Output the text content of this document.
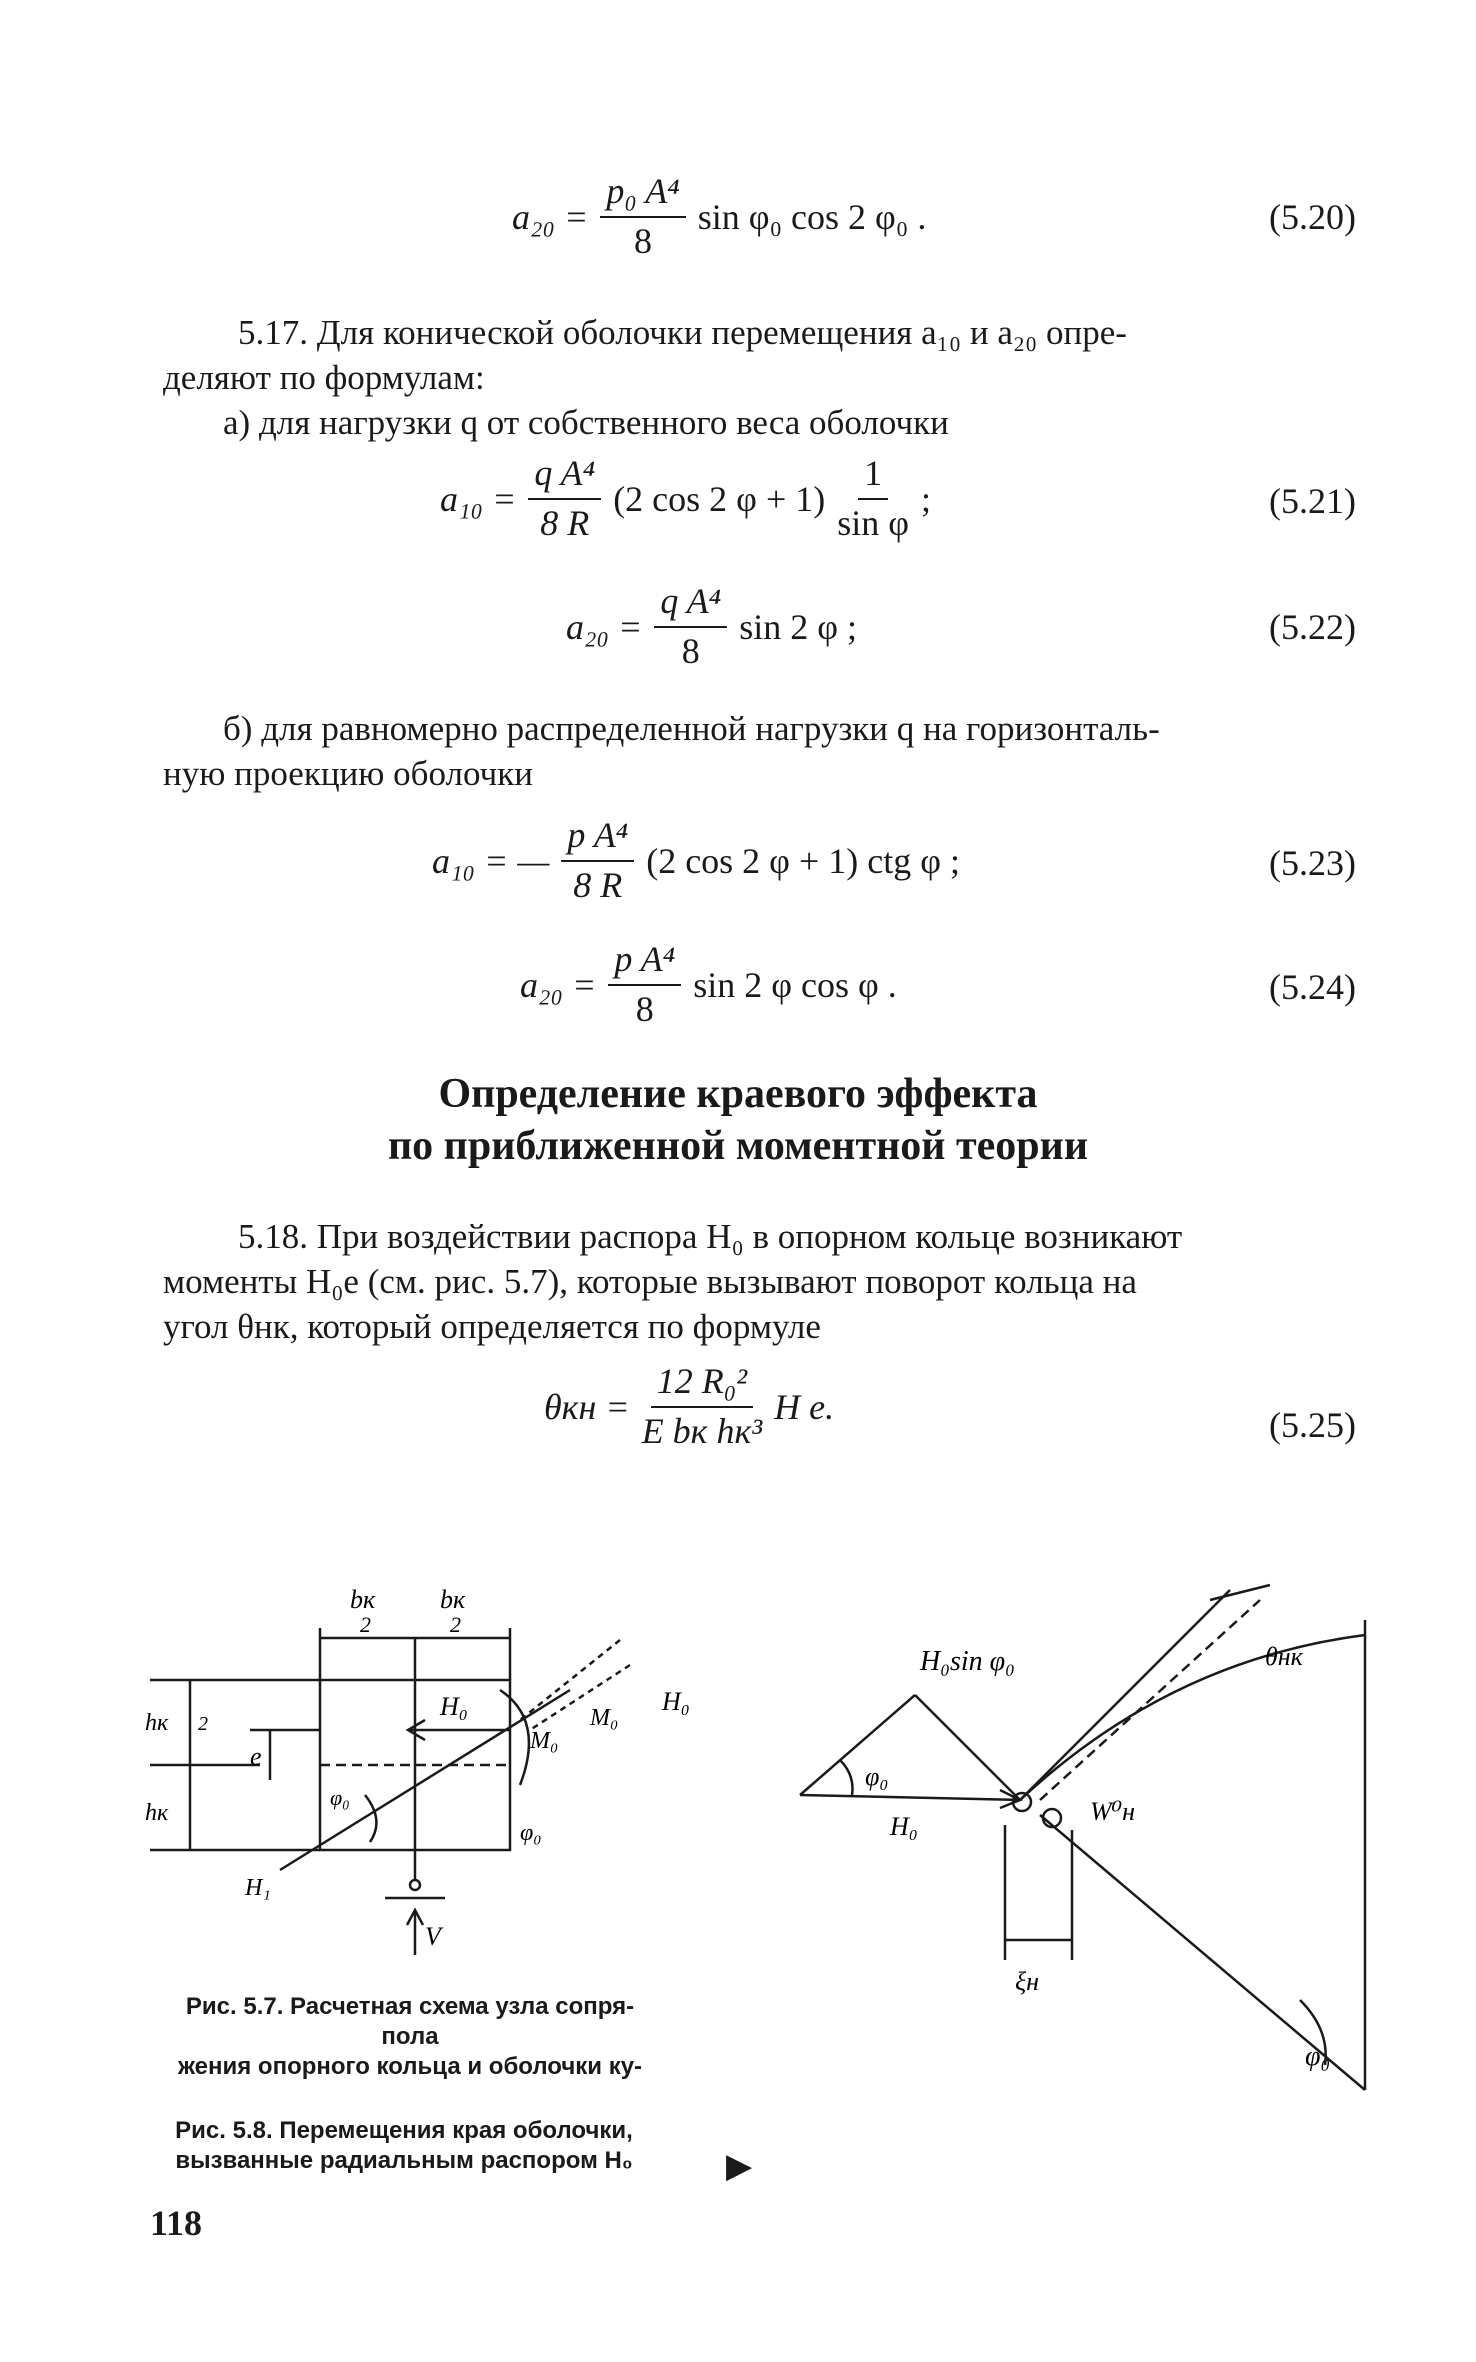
$a_{20} = \frac{\text{p₀ A⁴}}{8}$ sin φ₀ cos 2 φ₀ .	(5.20)
5.17. Для конической оболочки перемещения a₁₀ и a₂₀ опре-
деляют по формулам:
а) для нагрузки q от собственного веса оболочки
$a_{10} = \frac{\text{q A⁴}}{8 R} (2$ cos 2 $\varphi + 1) \frac{1}{\text{sin φ}}$ ;	(5.21)
$a_{20} = \frac{\text{q A⁴}}{8}$ sin 2 φ ;	(5.22)
б) для равномерно распределенной нагрузки q на горизонталь-
ную проекцию оболочки
a₁₀ = — $\frac{\text{p A⁴}}{8 R} (2$ cos 2 φ + 1) ctg φ ;	(5.23)
$a_{20} = \frac{\text{p A⁴}}{8}$ sin 2 φ cos φ .	(5.24)
Определение краевого эффекта
по приближенной моментной теории
5.18. При воздействии распора H₀ в опорном кольце возникают
моменты H₀e (см. рис. 5.7), которые вызывают поворот кольца на
угол θнк, который определяется по формуле
$\theta кн = \frac{\text{12 R₀²}}{\text{E bк hк³}}$ H e.	(5.25)
bк
2
bк
2
H₀	H₀
M₀
M₀
e
φ₀
φ₀
hк
hк
2
H₁
V
H₀sin φ₀	θнк
φ₀
H₀
W⁰н
ξн
φ₀
Рис. 5.7. Расчетная схема узла сопря-
пола
жения опорного кольца и оболочки ку-
Рис. 5.8. Перемещения края оболочки,
вызванные радиальным распором H₀	▶
118
